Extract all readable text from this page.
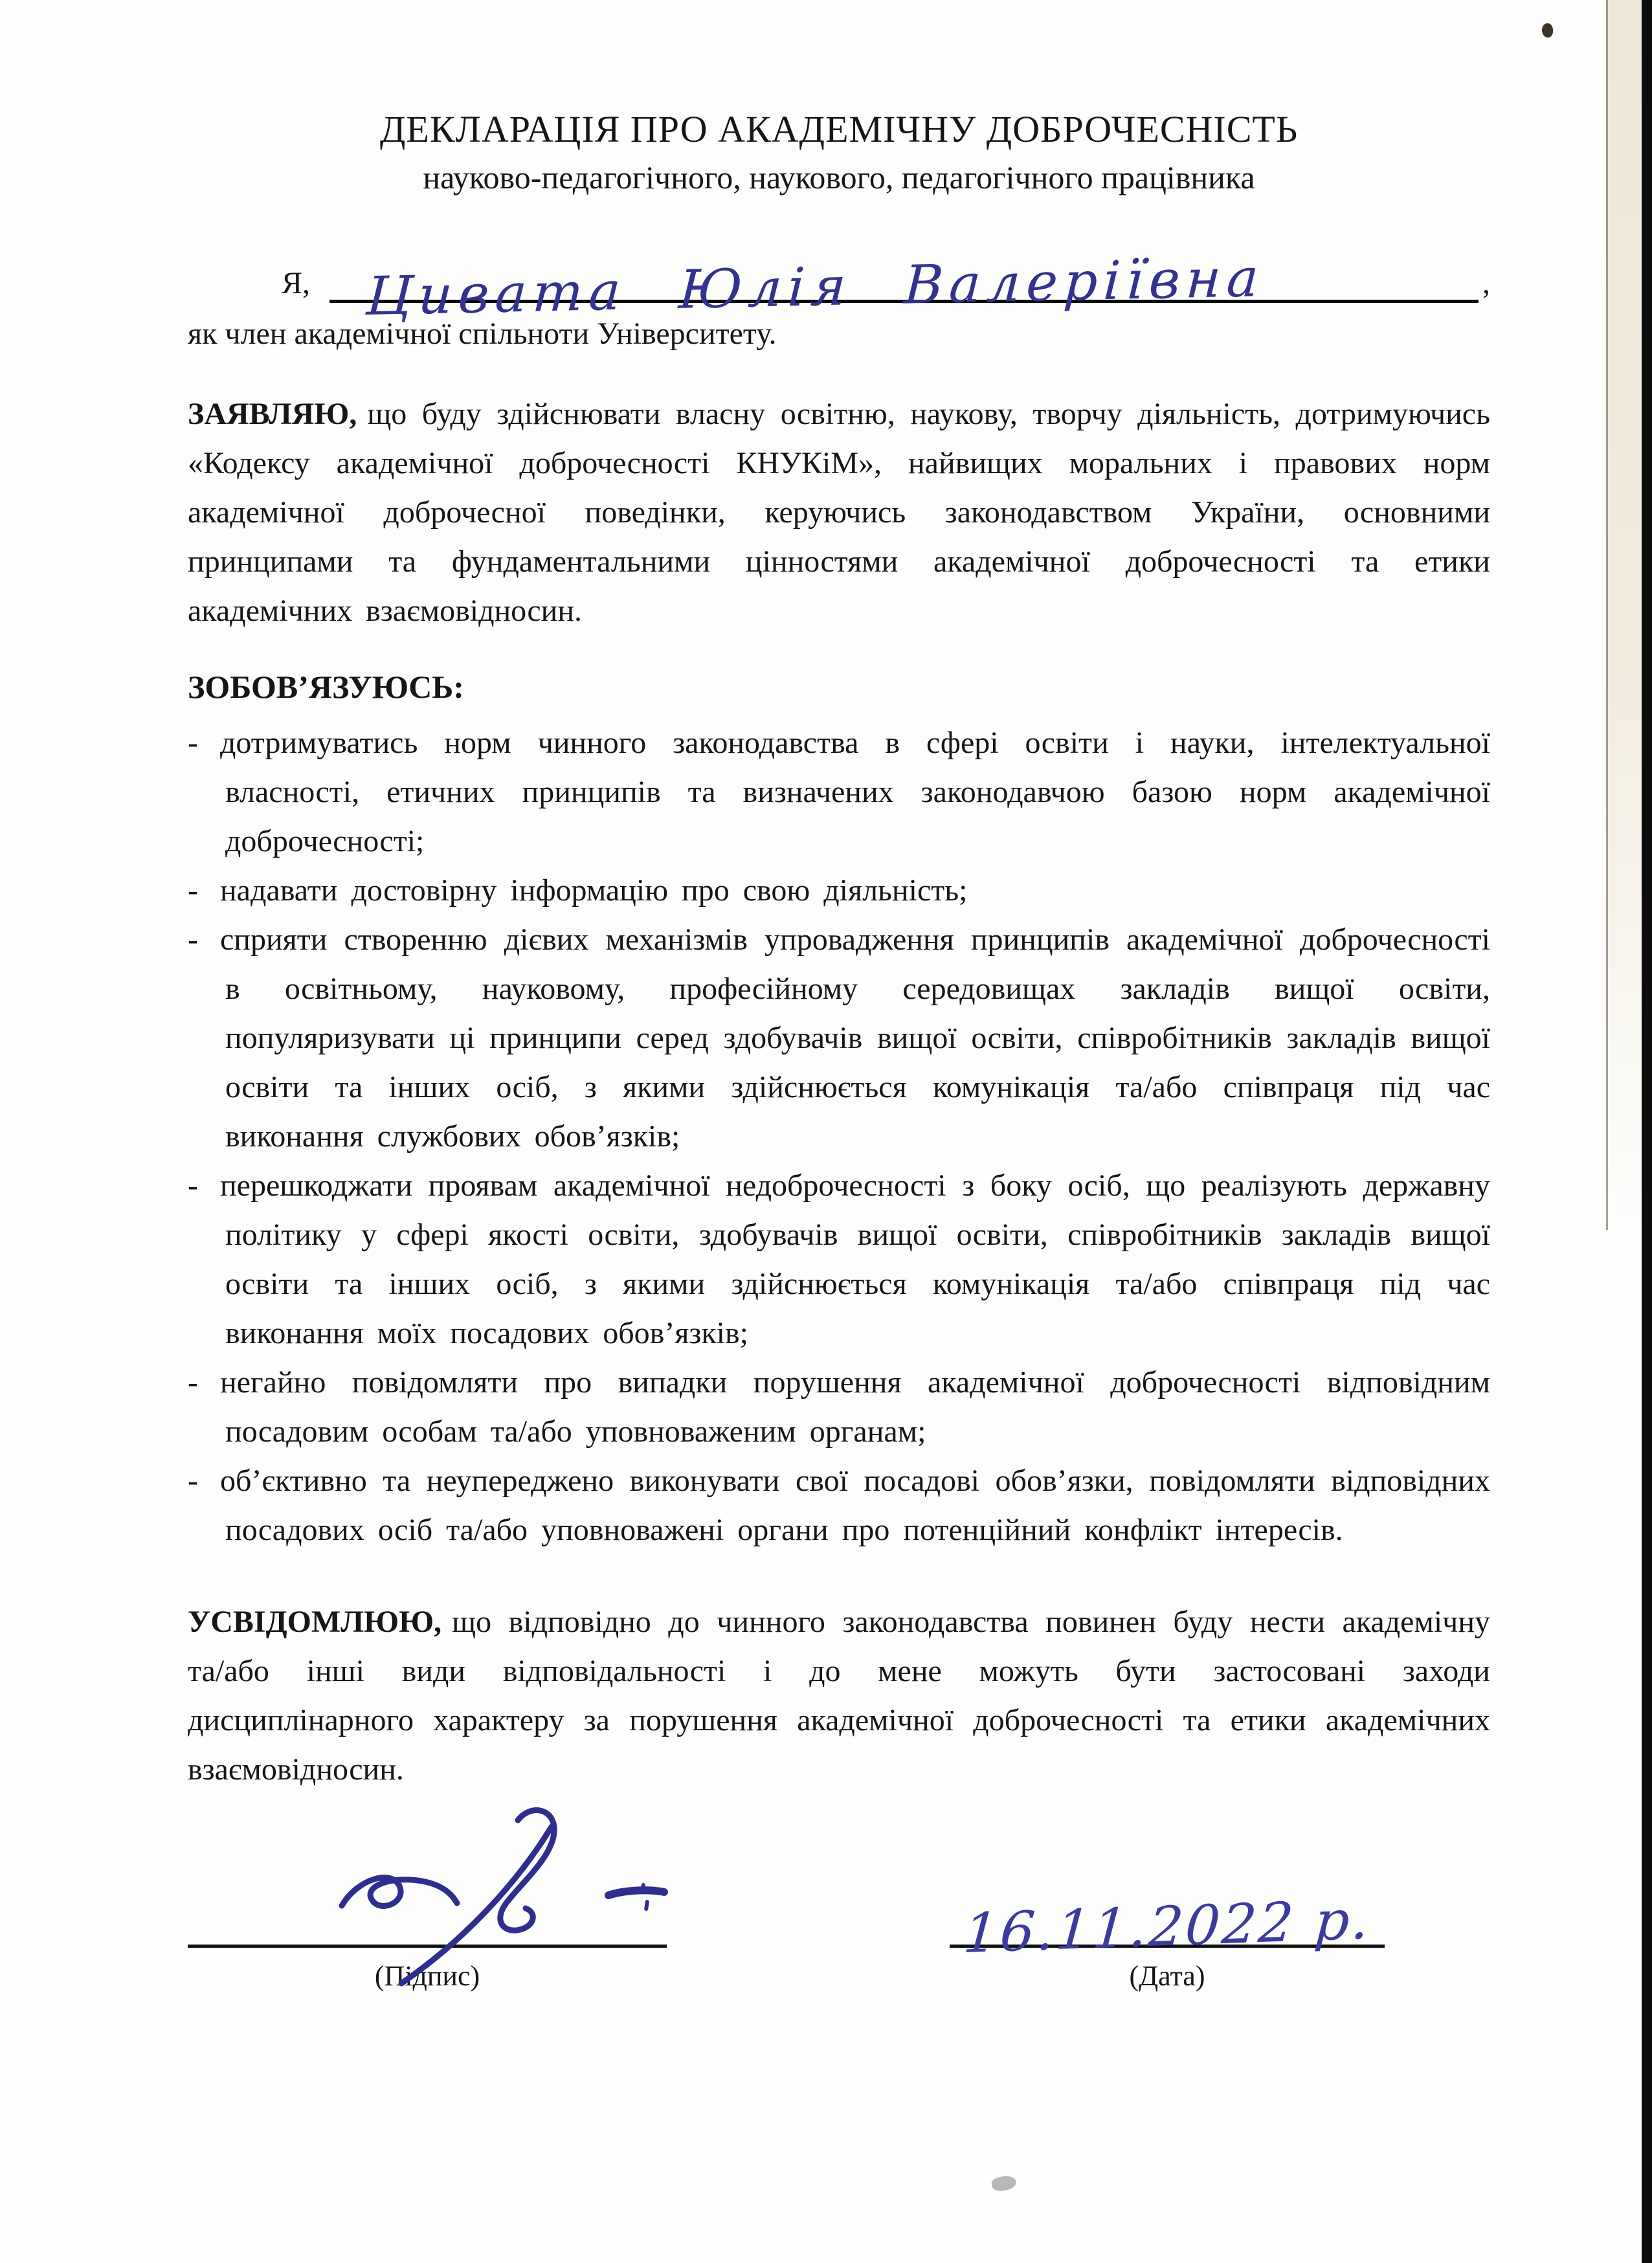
ДЕКЛАРАЦІЯ ПРО АКАДЕМІЧНУ ДОБРОЧЕСНІСТЬ
науково-педагогічного, наукового, педагогічного працівника
Я,	Цивата Юлія Валеріївна	,
як член академічної спільноти Університету.

ЗАЯВЛЯЮ, що буду здійснювати власну освітню, наукову, творчу діяльність, дотримуючись «Кодексу академічної доброчесності КНУКіМ», найвищих моральних і правових норм академічної доброчесної поведінки, керуючись законодавством України, основними принципами та фундаментальними цінностями академічної доброчесності та етики академічних взаємовідносин.

ЗОБОВ’ЯЗУЮСЬ:
- дотримуватись норм чинного законодавства в сфері освіти і науки, інтелектуальної власності, етичних принципів та визначених законодавчою базою норм академічної доброчесності;
- надавати достовірну інформацію про свою діяльність;
- сприяти створенню дієвих механізмів упровадження принципів академічної доброчесності в освітньому, науковому, професійному середовищах закладів вищої освіти, популяризувати ці принципи серед здобувачів вищої освіти, співробітників закладів вищої освіти та інших осіб, з якими здійснюється комунікація та/або співпраця під час виконання службових обов’язків;
- перешкоджати проявам академічної недоброчесності з боку осіб, що реалізують державну політику у сфері якості освіти, здобувачів вищої освіти, співробітників закладів вищої освіти та інших осіб, з якими здійснюється комунікація та/або співпраця під час виконання моїх посадових обов’язків;
- негайно повідомляти про випадки порушення академічної доброчесності відповідним посадовим особам та/або уповноваженим органам;
- об’єктивно та неупереджено виконувати свої посадові обов’язки, повідомляти відповідних посадових осіб та/або уповноважені органи про потенційний конфлікт інтересів.

УСВІДОМЛЮЮ, що відповідно до чинного законодавства повинен буду нести академічну та/або інші види відповідальності і до мене можуть бути застосовані заходи дисциплінарного характеру за порушення академічної доброчесності та етики академічних взаємовідносин.

(Підпис)
16.11.2022 р.
(Дата)
